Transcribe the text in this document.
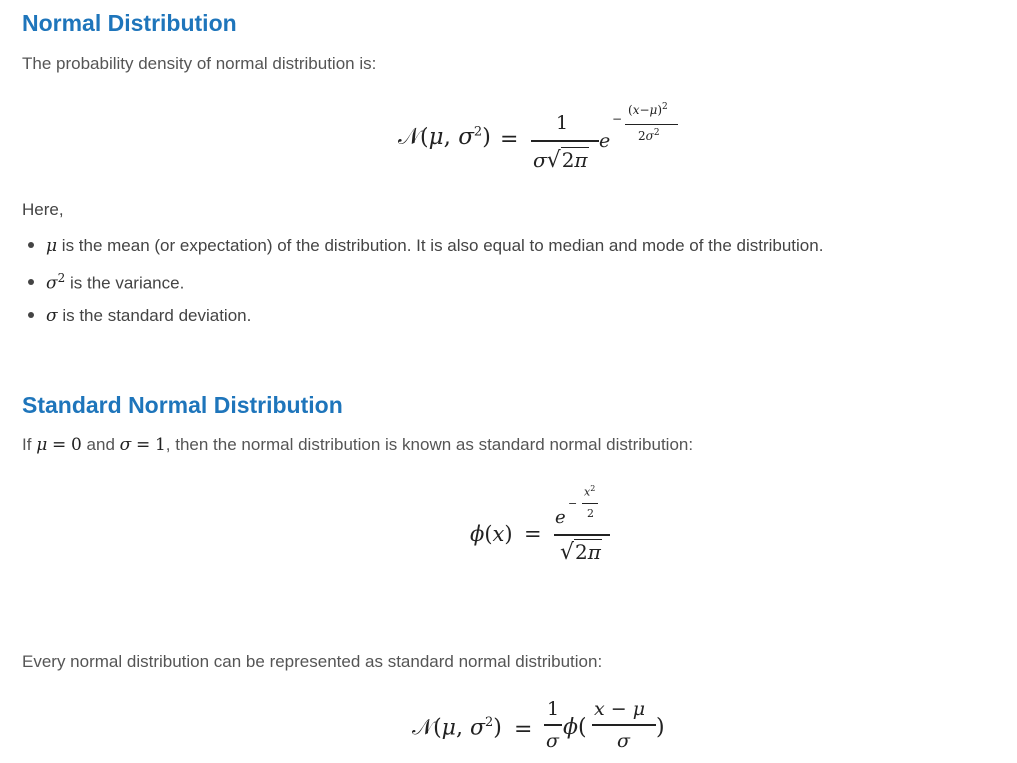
Normal Distribution

The probability density of normal distribution is:

𝒩(μ, $\sigma^2$) =
1
σ√2π
e
−
$(x-\mu)^2$
$2\sigma^2$

Here,

μ is the mean (or expectation) of the distribution. It is also equal to median and mode of the distribution.
$\sigma^2$ is the variance.
σ is the standard deviation.
Standard Normal Distribution

If μ = 0 and σ = 1, then the normal distribution is known as standard normal distribution:

ϕ(x) =
e
−
$x^2$
2
√2π

Every normal distribution can be represented as standard normal distribution:

𝒩(μ, $\sigma^2$) =
1
σ
ϕ(
x − μ
σ
)
